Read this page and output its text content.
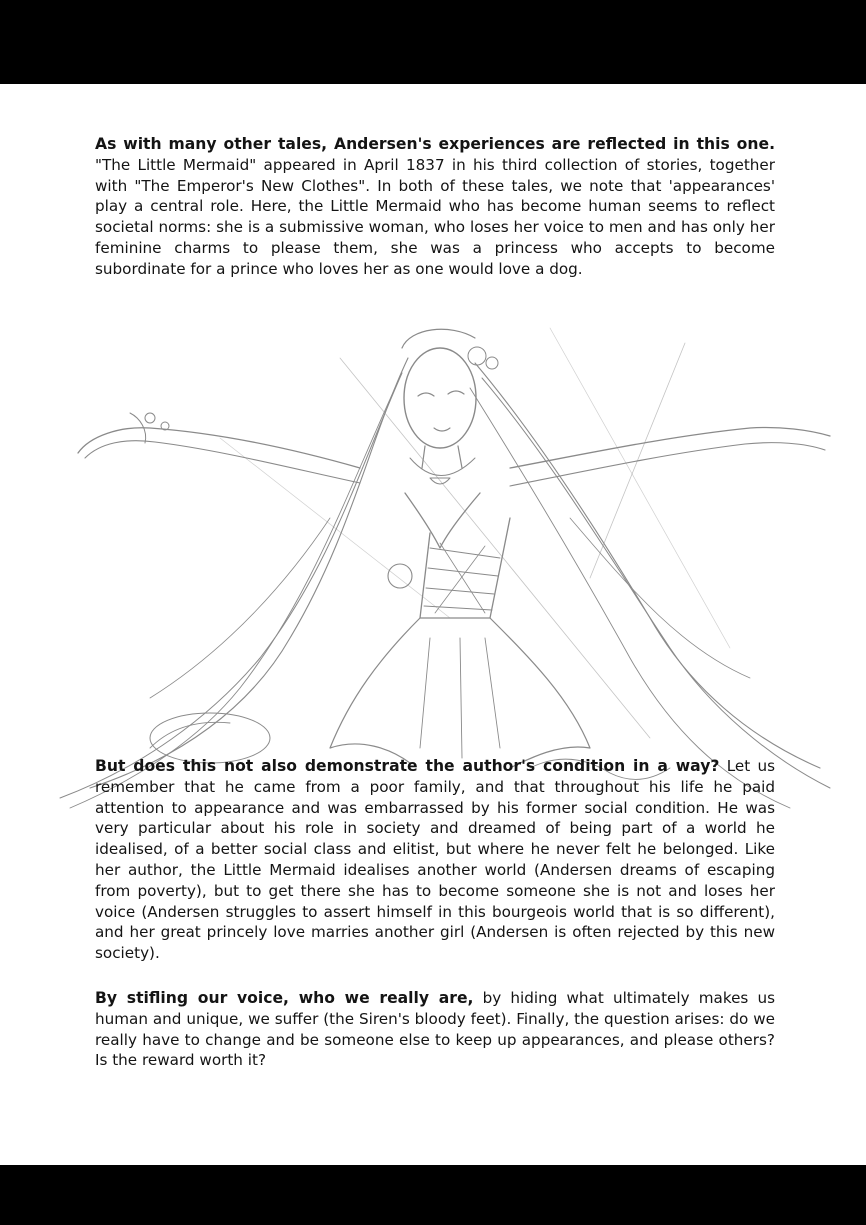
As with many other tales, Andersen's experiences are reflected in this one. "The Little Mermaid" appeared in April 1837 in his third collection of stories, together with "The Emperor's New Clothes". In both of these tales, we note that 'appearances' play a central role. Here, the Little Mermaid who has become human seems to reflect societal norms: she is a submissive woman, who loses her voice to men and has only her feminine charms to please them, she was a princess who accepts to become subordinate for a prince who loves her as one would love a dog.

But does this not also demonstrate the author's condition in a way? Let us remember that he came from a poor family, and that throughout his life he paid attention to appearance and was embarrassed by his former social condition. He was very particular about his role in society and dreamed of being part of a world he idealised, of a better social class and elitist, but where he never felt he belonged. Like her author, the Little Mermaid idealises another world (Andersen dreams of escaping from poverty), but to get there she has to become someone she is not and loses her voice (Andersen struggles to assert himself in this bourgeois world that is so different), and her great princely love marries another girl (Andersen is often rejected by this new society).

By stifling our voice, who we really are, by hiding what ultimately makes us human and unique, we suffer (the Siren's bloody feet). Finally, the question arises: do we really have to change and be someone else to keep up appearances, and please others? Is the reward worth it?
